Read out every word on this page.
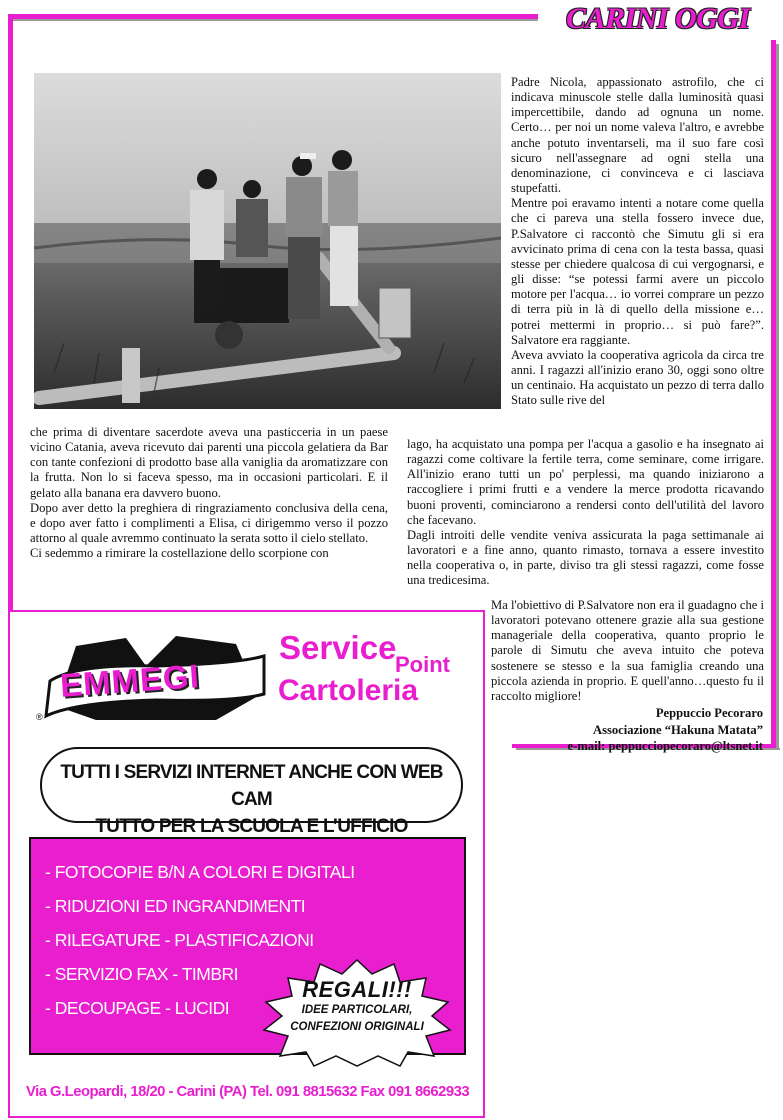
CARINI OGGI

Padre Nicola, appassionato astrofilo, che ci indicava minuscole stelle dalla luminosità quasi impercettibile, dando ad ognuna un nome. Certo… per noi un nome valeva l'altro, e avrebbe anche potuto inventarseli, ma il suo fare così sicuro nell'assegnare ad ogni stella una denominazione, ci convinceva e ci lasciava stupefatti.

Mentre poi eravamo intenti a notare come quella che ci pareva una stella fossero invece due, P.Salvatore ci raccontò che Simutu gli si era avvicinato prima di cena con la testa bassa, quasi stesse per chiedere qualcosa di cui vergognarsi, e gli disse: “se potessi farmi avere un piccolo motore per l'acqua… io vorrei comprare un pezzo di terra più in là di quello della missione e… potrei mettermi in proprio… si può fare?”. Salvatore era raggiante.

Aveva avviato la cooperativa agricola da circa tre anni. I ragazzi all'inizio erano 30, oggi sono oltre un centinaio. Ha acquistato un pezzo di terra dallo Stato sulle rive del

che prima di diventare sacerdote aveva una pasticceria in un paese vicino Catania, aveva ricevuto dai parenti una piccola gelatiera da Bar con tante confezioni di prodotto base alla vaniglia da aromatizzare con la frutta. Non lo si faceva spesso, ma in occasioni particolari. E il gelato alla banana era davvero buono.

Dopo aver detto la preghiera di ringraziamento conclusiva della cena, e dopo aver fatto i complimenti a Elisa, ci dirigemmo verso il pozzo attorno al quale avremmo continuato la serata sotto il cielo stellato.

Ci sedemmo a rimirare la costellazione dello scorpione con

lago, ha acquistato una pompa per l'acqua a gasolio e ha insegnato ai ragazzi come coltivare la fertile terra, come seminare, come irrigare. All'inizio erano tutti un po' perplessi, ma quando iniziarono a raccogliere i primi frutti e a vendere la merce prodotta ricavando buoni proventi, cominciarono a rendersi conto dell'utilità del lavoro che facevano.

Dagli introiti delle vendite veniva assicurata la paga settimanale ai lavoratori e a fine anno, quanto rimasto, tornava a essere investito nella cooperativa o, in parte, diviso tra gli stessi ragazzi, come fosse una tredicesima.

Ma l'obiettivo di P.Salvatore non era il guadagno che i lavoratori potevano ottenere grazie alla sua gestione manageriale della cooperativa, quanto proprio le parole di Simutu che aveva intuito che poteva sostenere se stesso e la sua famiglia creando una piccola azienda in proprio. E quell'anno…questo fu il raccolto migliore!

Peppuccio Pecoraro
Associazione “Hakuna Matata”
e-mail: peppucciopecoraro@ltsnet.it
EMMEGI
®
Service
Point
Cartoleria
TUTTI I SERVIZI INTERNET ANCHE CON WEB CAM
TUTTO PER LA SCUOLA E L’UFFICIO
- FOTOCOPIE B/N A COLORI E DIGITALI
- RIDUZIONI ED INGRANDIMENTI
- RILEGATURE - PLASTIFICAZIONI
- SERVIZIO FAX - TIMBRI
- DECOUPAGE - LUCIDI
REGALI!!!
IDEE PARTICOLARI,
CONFEZIONI ORIGINALI
Via G.Leopardi, 18/20 - Carini (PA) Tel. 091 8815632 Fax 091 8662933
